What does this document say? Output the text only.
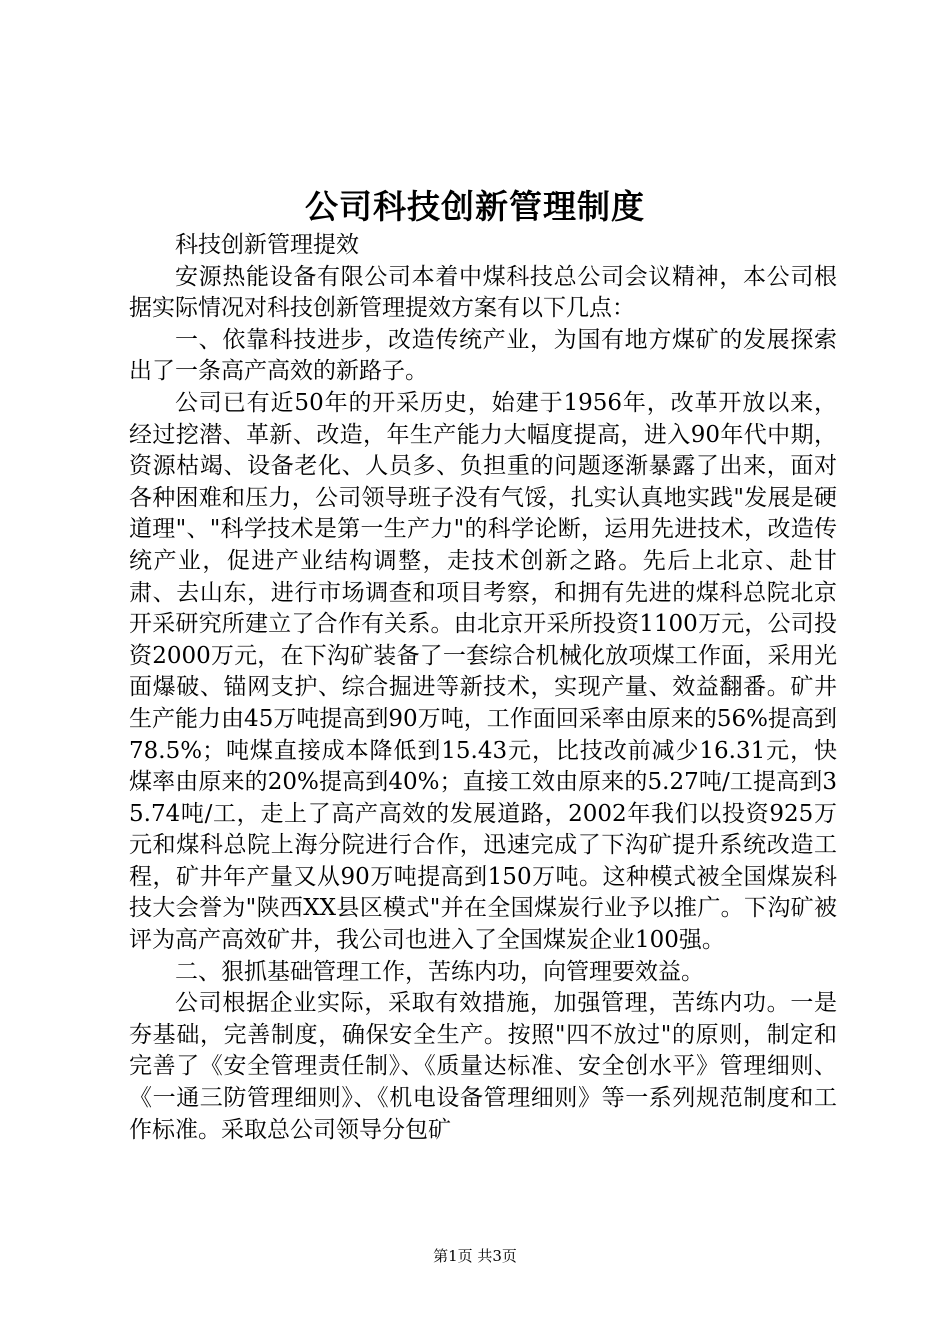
公司科技创新管理制度

科技创新管理提效

安源热能设备有限公司本着中煤科技总公司会议精神，本公司根据实际情况对科技创新管理提效方案有以下几点：

一、依靠科技进步，改造传统产业，为国有地方煤矿的发展探索出了一条高产高效的新路子。

公司已有近50年的开采历史，始建于1956年，改革开放以来，经过挖潜、革新、改造，年生产能力大幅度提高，进入90年代中期，资源枯竭、设备老化、人员多、负担重的问题逐渐暴露了出来，面对各种困难和压力，公司领导班子没有气馁，扎实认真地实践"发展是硬道理"、"科学技术是第一生产力"的科学论断，运用先进技术，改造传统产业，促进产业结构调整，走技术创新之路。先后上北京、赴甘肃、去山东，进行市场调查和项目考察，和拥有先进的煤科总院北京开采研究所建立了合作有关系。由北京开采所投资1100万元，公司投资2000万元，在下沟矿装备了一套综合机械化放项煤工作面，采用光面爆破、锚网支护、综合掘进等新技术，实现产量、效益翻番。矿井生产能力由45万吨提高到90万吨，工作面回采率由原来的56%提高到78.5%；吨煤直接成本降低到15.43元，比技改前减少16.31元，快煤率由原来的20%提高到40%；直接工效由原来的5.27吨/工提高到35.74吨/工，走上了高产高效的发展道路，2002年我们以投资925万元和煤科总院上海分院进行合作，迅速完成了下沟矿提升系统改造工程，矿井年产量又从90万吨提高到150万吨。这种模式被全国煤炭科技大会誉为"陕西XX县区模式"并在全国煤炭行业予以推广。下沟矿被评为高产高效矿井，我公司也进入了全国煤炭企业100强。

二、狠抓基础管理工作，苦练内功，向管理要效益。

公司根据企业实际，采取有效措施，加强管理，苦练内功。一是夯基础，完善制度，确保安全生产。按照"四不放过"的原则，制定和完善了《安全管理责任制》、《质量达标准、安全创水平》管理细则、《一通三防管理细则》、《机电设备管理细则》等一系列规范制度和工作标准。采取总公司领导分包矿

第1页 共3页
